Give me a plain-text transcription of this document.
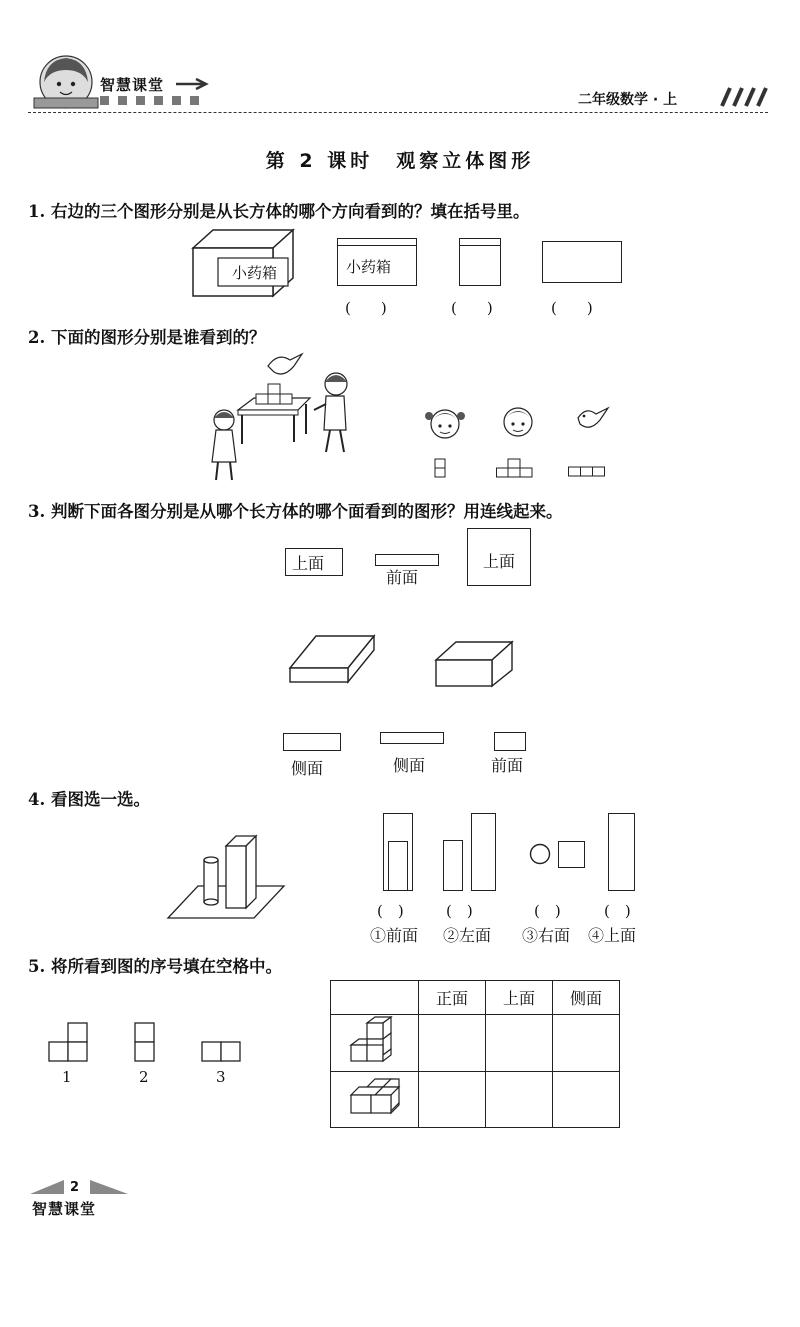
智慧课堂
二年级数学 · 上
第 2 课时　观察立体图形
1. 右边的三个图形分别是从长方体的哪个方向看到的？填在括号里。
小药箱	小药箱
(　　)	(　　)	(　　)
2. 下面的图形分别是谁看到的？
3. 判断下面各图分别是从哪个长方体的哪个面看到的图形？用连线起来。
上面
前面
上面
侧面	侧面	前面
4. 看图选一选。
(　)	(　)	(　)	(　)
①前面 ②左面 ③右面 ④上面
5. 将所看到图的序号填在空格中。
1	2	3
	正面	上面	侧面

2
智慧课堂
